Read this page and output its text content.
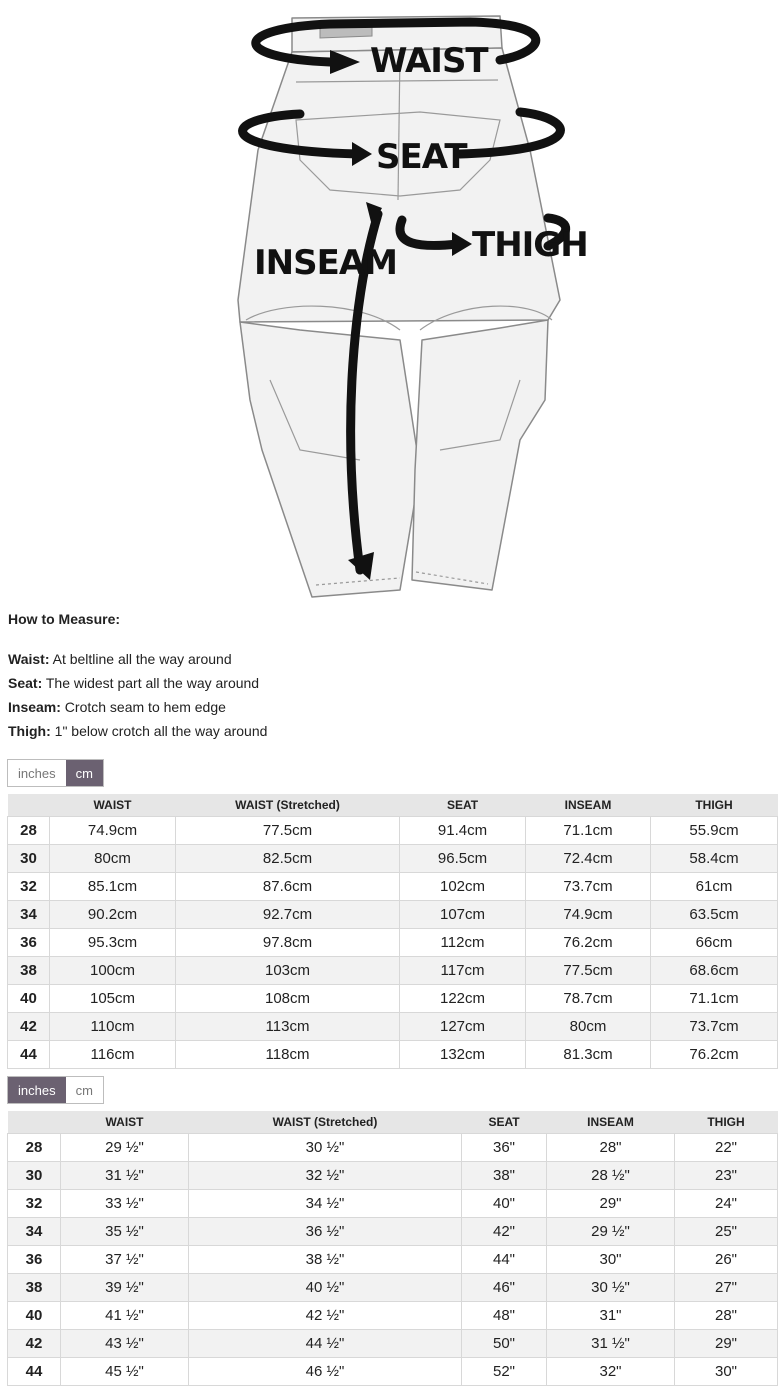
WAIST
SEAT
INSEAM THIGH
How to Measure:
Waist: At beltline all the way around
Seat: The widest part all the way around
Inseam: Crotch seam to hem edge
Thigh: 1" below crotch all the way around
inches	cm
	WAIST	WAIST (Stretched)	SEAT	INSEAM	THIGH
28	74.9cm	77.5cm	91.4cm	71.1cm	55.9cm
30	80cm	82.5cm	96.5cm	72.4cm	58.4cm
32	85.1cm	87.6cm	102cm	73.7cm	61cm
34	90.2cm	92.7cm	107cm	74.9cm	63.5cm
36	95.3cm	97.8cm	112cm	76.2cm	66cm
38	100cm	103cm	117cm	77.5cm	68.6cm
40	105cm	108cm	122cm	78.7cm	71.1cm
42	110cm	113cm	127cm	80cm	73.7cm
44	116cm	118cm	132cm	81.3cm	76.2cm
inches	cm
	WAIST	WAIST (Stretched)	SEAT	INSEAM	THIGH
28	29 ½"	30 ½"	36"	28"	22"
30	31 ½"	32 ½"	38"	28 ½"	23"
32	33 ½"	34 ½"	40"	29"	24"
34	35 ½"	36 ½"	42"	29 ½"	25"
36	37 ½"	38 ½"	44"	30"	26"
38	39 ½"	40 ½"	46"	30 ½"	27"
40	41 ½"	42 ½"	48"	31"	28"
42	43 ½"	44 ½"	50"	31 ½"	29"
44	45 ½"	46 ½"	52"	32"	30"
